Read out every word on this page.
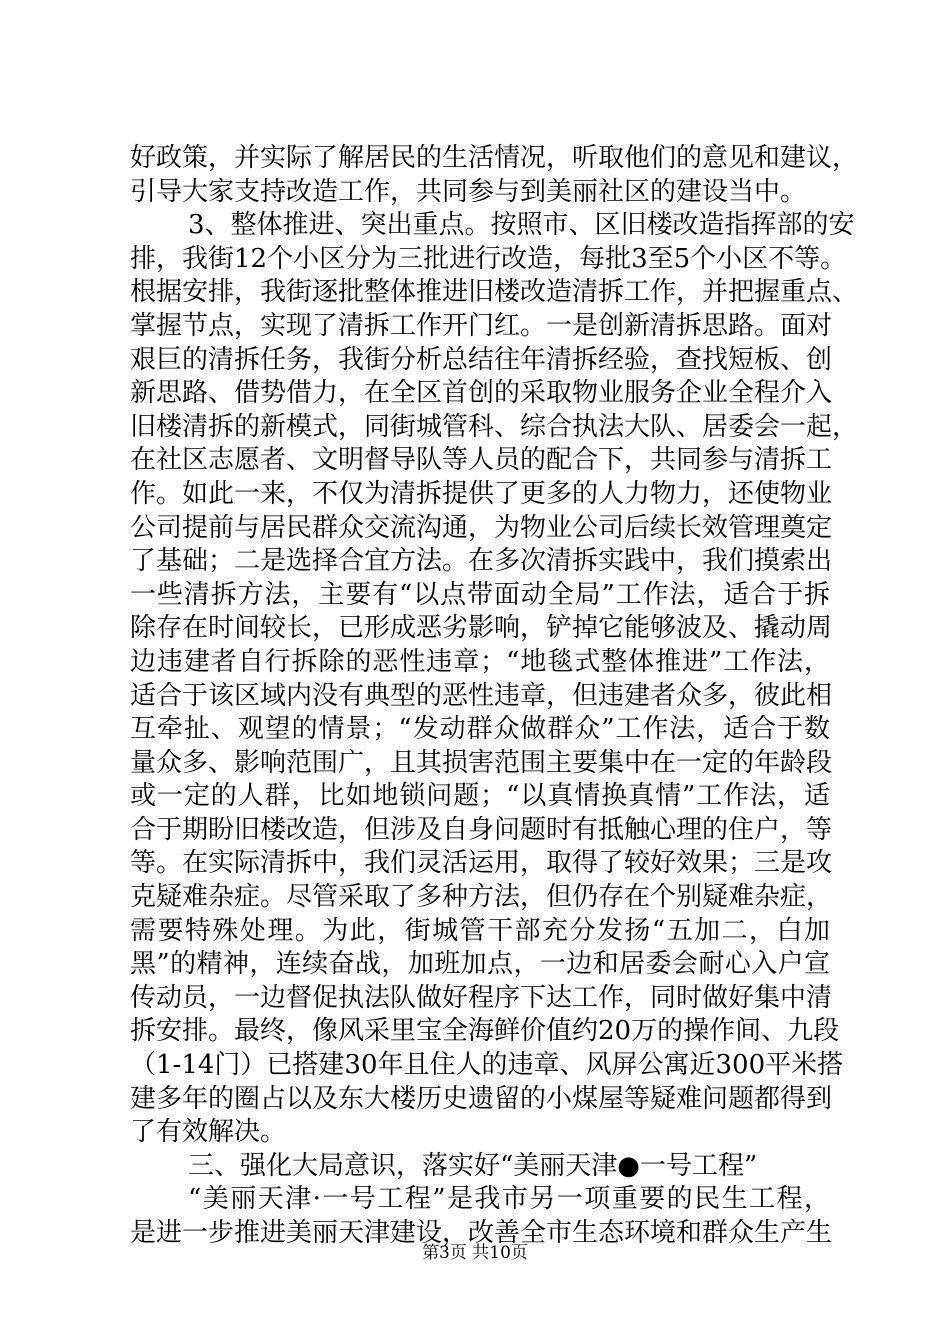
好政策，并实际了解居民的生活情况，听取他们的意见和建议，
引导大家支持改造工作，共同参与到美丽社区的建设当中。
3、整体推进、突出重点。按照市、区旧楼改造指挥部的安
排，我街12个小区分为三批进行改造，每批3至5个小区不等。
根据安排，我街逐批整体推进旧楼改造清拆工作，并把握重点、
掌握节点，实现了清拆工作开门红。一是创新清拆思路。面对
艰巨的清拆任务，我街分析总结往年清拆经验，查找短板、创
新思路、借势借力，在全区首创的采取物业服务企业全程介入
旧楼清拆的新模式，同街城管科、综合执法大队、居委会一起，
在社区志愿者、文明督导队等人员的配合下，共同参与清拆工
作。如此一来，不仅为清拆提供了更多的人力物力，还使物业
公司提前与居民群众交流沟通，为物业公司后续长效管理奠定
了基础；二是选择合宜方法。在多次清拆实践中，我们摸索出
一些清拆方法，主要有“以点带面动全局”工作法，适合于拆
除存在时间较长，已形成恶劣影响，铲掉它能够波及、撬动周
边违建者自行拆除的恶性违章；“地毯式整体推进”工作法，
适合于该区域内没有典型的恶性违章，但违建者众多，彼此相
互牵扯、观望的情景；“发动群众做群众”工作法，适合于数
量众多、影响范围广，且其损害范围主要集中在一定的年龄段
或一定的人群，比如地锁问题；“以真情换真情”工作法，适
合于期盼旧楼改造，但涉及自身问题时有抵触心理的住户，等
等。在实际清拆中，我们灵活运用，取得了较好效果；三是攻
克疑难杂症。尽管采取了多种方法，但仍存在个别疑难杂症，
需要特殊处理。为此，街城管干部充分发扬“五加二，白加
黑”的精神，连续奋战，加班加点，一边和居委会耐心入户宣
传动员，一边督促执法队做好程序下达工作，同时做好集中清
拆安排。最终，像风采里宝全海鲜价值约20万的操作间、九段
（1-14门）已搭建30年且住人的违章、风屏公寓近300平米搭
建多年的圈占以及东大楼历史遗留的小煤屋等疑难问题都得到
了有效解决。
三、强化大局意识，落实好“美丽天津●一号工程”
“美丽天津·一号工程”是我市另一项重要的民生工程，
是进一步推进美丽天津建设，改善全市生态环境和群众生产生
第3页 共10页
